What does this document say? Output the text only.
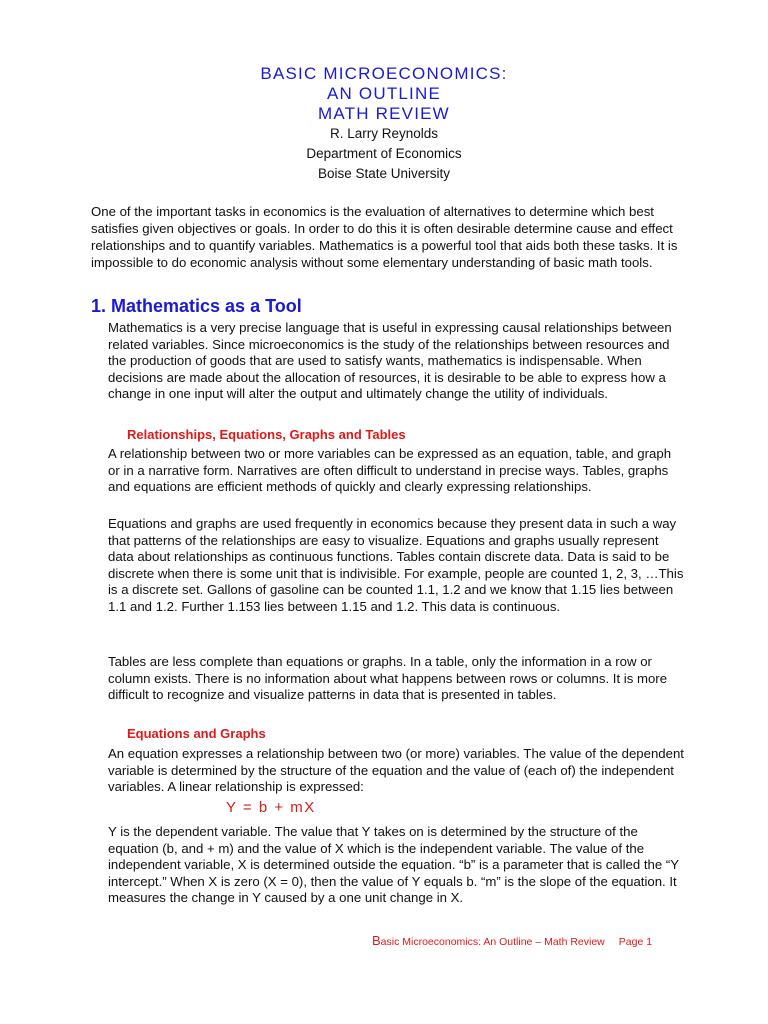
BASIC MICROECONOMICS:
AN OUTLINE
MATH REVIEW
R. Larry Reynolds
Department of Economics
Boise State University

One of the important tasks in economics is the evaluation of alternatives to determine which best satisfies given objectives or goals. In order to do this it is often desirable determine cause and effect relationships and to quantify variables. Mathematics is a powerful tool that aids both these tasks. It is impossible to do economic analysis without some elementary understanding of basic math tools.

1. Mathematics as a Tool

Mathematics is a very precise language that is useful in expressing causal relationships between related variables. Since microeconomics is the study of the relationships between resources and the production of goods that are used to satisfy wants, mathematics is indispensable. When decisions are made about the allocation of resources, it is desirable to be able to express how a change in one input will alter the output and ultimately change the utility of individuals.

Relationships, Equations, Graphs and Tables

A relationship between two or more variables can be expressed as an equation, table, and graph or in a narrative form. Narratives are often difficult to understand in precise ways. Tables, graphs and equations are efficient methods of quickly and clearly expressing relationships.

Equations and graphs are used frequently in economics because they present data in such a way that patterns of the relationships are easy to visualize. Equations and graphs usually represent data about relationships as continuous functions. Tables contain discrete data. Data is said to be discrete when there is some unit that is indivisible. For example, people are counted 1, 2, 3, …This is a discrete set. Gallons of gasoline can be counted 1.1, 1.2 and we know that 1.15 lies between 1.1 and 1.2. Further 1.153 lies between 1.15 and 1.2. This data is continuous.

Tables are less complete than equations or graphs. In a table, only the information in a row or column exists. There is no information about what happens between rows or columns. It is more difficult to recognize and visualize patterns in data that is presented in tables.

Equations and Graphs

An equation expresses a relationship between two (or more) variables. The value of the dependent variable is determined by the structure of the equation and the value of (each of) the independent variables. A linear relationship is expressed:

Y = b + mX

Y is the dependent variable. The value that Y takes on is determined by the structure of the equation (b, and + m) and the value of X which is the independent variable. The value of the independent variable, X is determined outside the equation. “b” is a parameter that is called the “Y intercept.” When X is zero (X = 0), then the value of Y equals b. “m” is the slope of the equation. It measures the change in Y caused by a one unit change in X.

Basic Microeconomics: An Outline – Math Review Page 1
